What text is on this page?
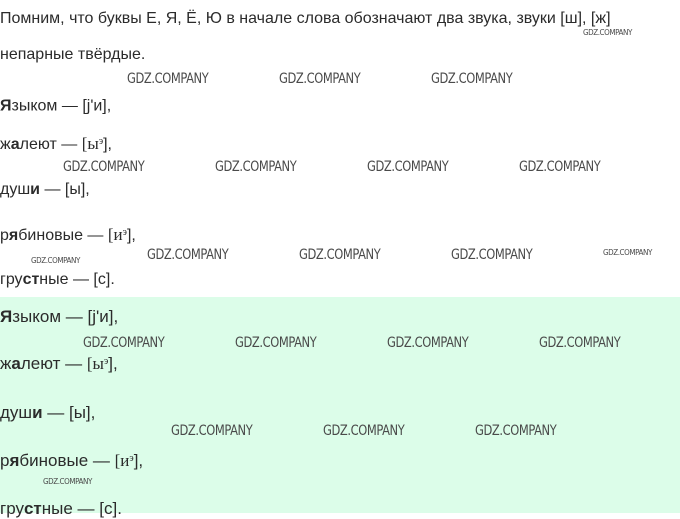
Помним, что буквы Е, Я, Ё, Ю в начале слова обозначают два звука, звуки [ш], [ж]
непарные твёрдые.
Языком — [j'и],
жалеют — $[ы^э]$,
души — [ы],
рябиновые — $[и^э]$,
грустные — [с].
Языком — [j'и],
жалеют — $[ы^э]$,
души — [ы],
рябиновые — $[и^э]$,
грустные — [с].
GDZ.COMPANY
GDZ.COMPANY	GDZ.COMPANY	GDZ.COMPANY
GDZ.COMPANY	GDZ.COMPANY	GDZ.COMPANY	GDZ.COMPANY
GDZ.COMPANY	GDZ.COMPANY	GDZ.COMPANY	GDZ.COMPANY	GDZ.COMPANY
GDZ.COMPANY	GDZ.COMPANY	GDZ.COMPANY	GDZ.COMPANY
GDZ.COMPANY	GDZ.COMPANY	GDZ.COMPANY
GDZ.COMPANY
